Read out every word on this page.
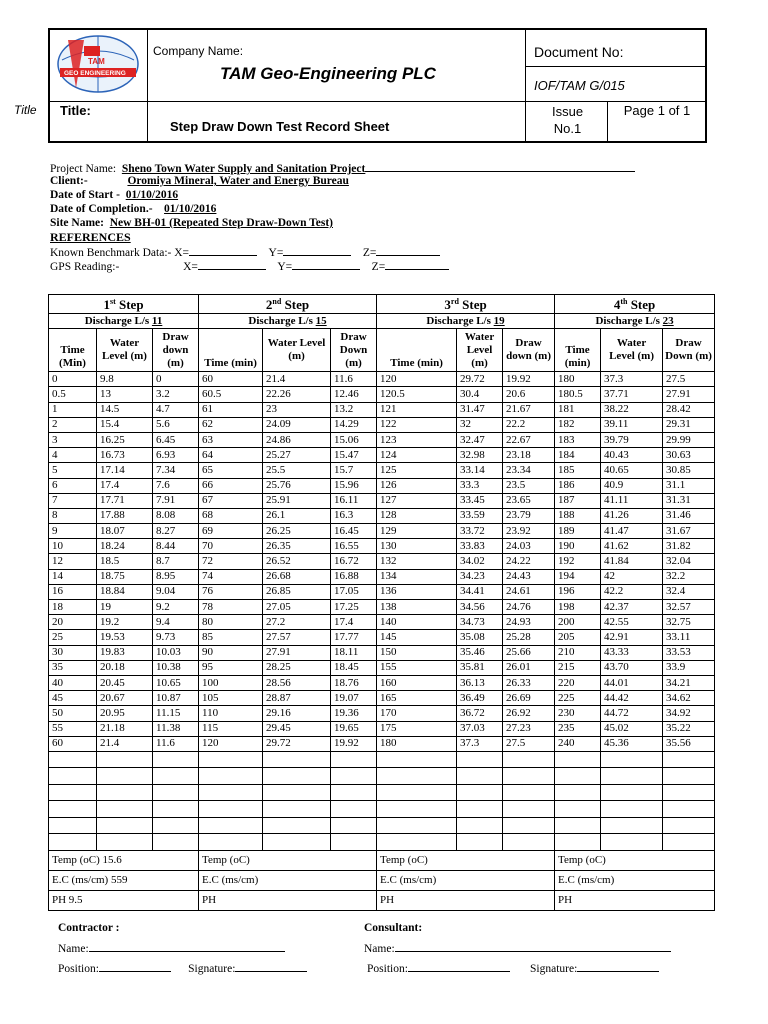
Title
TAM
GEO ENGINEERING
Company Name:
TAM Geo-Engineering PLC
Document No:
IOF/TAM G/015
Title:
Step Draw Down Test Record Sheet
Issue
No.1
Page 1 of 1
Project Name: Sheno Town Water Supply and Sanitation Project
Client:-	Oromiya Mineral, Water and Energy Bureau
Date of Start - 01/10/2016
Date of Completion.- 01/10/2016
Site Name: New BH-01 (Repeated Step Draw-Down Test)
REFERENCES
Known Benchmark Data:- X=	Y=	Z=
GPS Reading:-	X=	Y=	Z=
1st Step			2nd Step			3rd Step			4th Step		
Discharge L/s 11			Discharge L/s 15			Discharge L/s 19			Discharge L/s 23		
Time (Min)	Water Level (m)	Draw down (m)	Time (min)	Water Level (m)	Draw Down (m)	Time (min)	Water Level (m)	Draw down (m)	Time (min)	Water Level (m)	Draw Down (m)
0	9.8	0	60	21.4	11.6	120	29.72	19.92	180	37.3	27.5
0.5	13	3.2	60.5	22.26	12.46	120.5	30.4	20.6	180.5	37.71	27.91
1	14.5	4.7	61	23	13.2	121	31.47	21.67	181	38.22	28.42
2	15.4	5.6	62	24.09	14.29	122	32	22.2	182	39.11	29.31
3	16.25	6.45	63	24.86	15.06	123	32.47	22.67	183	39.79	29.99
4	16.73	6.93	64	25.27	15.47	124	32.98	23.18	184	40.43	30.63
5	17.14	7.34	65	25.5	15.7	125	33.14	23.34	185	40.65	30.85
6	17.4	7.6	66	25.76	15.96	126	33.3	23.5	186	40.9	31.1
7	17.71	7.91	67	25.91	16.11	127	33.45	23.65	187	41.11	31.31
8	17.88	8.08	68	26.1	16.3	128	33.59	23.79	188	41.26	31.46
9	18.07	8.27	69	26.25	16.45	129	33.72	23.92	189	41.47	31.67
10	18.24	8.44	70	26.35	16.55	130	33.83	24.03	190	41.62	31.82
12	18.5	8.7	72	26.52	16.72	132	34.02	24.22	192	41.84	32.04
14	18.75	8.95	74	26.68	16.88	134	34.23	24.43	194	42	32.2
16	18.84	9.04	76	26.85	17.05	136	34.41	24.61	196	42.2	32.4
18	19	9.2	78	27.05	17.25	138	34.56	24.76	198	42.37	32.57
20	19.2	9.4	80	27.2	17.4	140	34.73	24.93	200	42.55	32.75
25	19.53	9.73	85	27.57	17.77	145	35.08	25.28	205	42.91	33.11
30	19.83	10.03	90	27.91	18.11	150	35.46	25.66	210	43.33	33.53
35	20.18	10.38	95	28.25	18.45	155	35.81	26.01	215	43.70	33.9
40	20.45	10.65	100	28.56	18.76	160	36.13	26.33	220	44.01	34.21
45	20.67	10.87	105	28.87	19.07	165	36.49	26.69	225	44.42	34.62
50	20.95	11.15	110	29.16	19.36	170	36.72	26.92	230	44.72	34.92
55	21.18	11.38	115	29.45	19.65	175	37.03	27.23	235	45.02	35.22
60	21.4	11.6	120	29.72	19.92	180	37.3	27.5	240	45.36	35.56

Temp (oC) 15.6			Temp (oC)			Temp (oC)			Temp (oC)		
E.C (ms/cm) 559			E.C (ms/cm)			E.C (ms/cm)			E.C (ms/cm)		
PH 9.5			PH			PH			PH		
Contractor :	Consultant:
Name:	Name:
Position:	Signature:	Position:	Signature:
